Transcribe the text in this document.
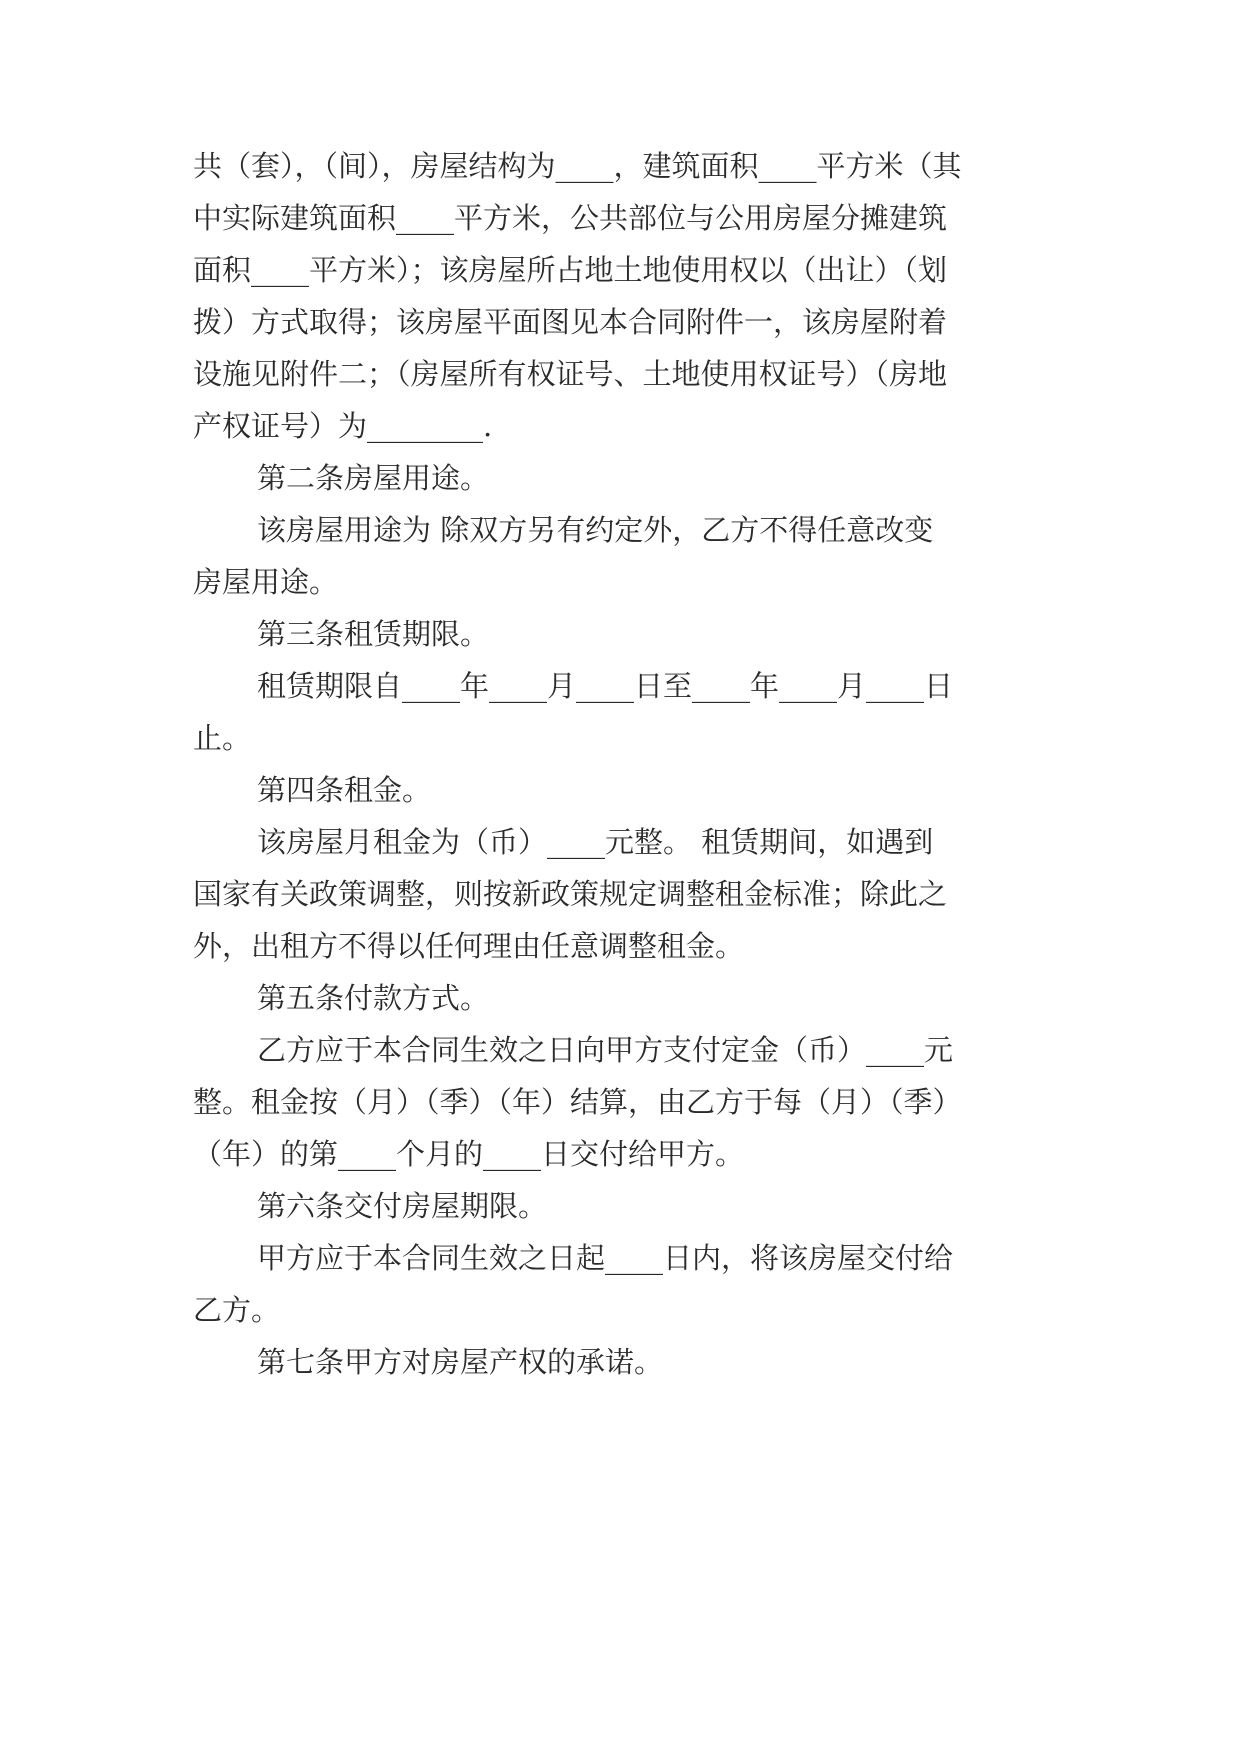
共（套），（间），房屋结构为____，建筑面积____平方米（其
中实际建筑面积____平方米，公共部位与公用房屋分摊建筑
面积____平方米）；该房屋所占地土地使用权以（出让）（划
拨）方式取得；该房屋平面图见本合同附件一，该房屋附着
设施见附件二；（房屋所有权证号、土地使用权证号）（房地
产权证号）为________.
第二条房屋用途。
该房屋用途为 除双方另有约定外，乙方不得任意改变
房屋用途。
第三条租赁期限。
租赁期限自____年____月____日至____年____月____日
止。
第四条租金。
该房屋月租金为（币）____元整。 租赁期间，如遇到
国家有关政策调整，则按新政策规定调整租金标准；除此之
外，出租方不得以任何理由任意调整租金。
第五条付款方式。
乙方应于本合同生效之日向甲方支付定金（币）____元
整。租金按（月）（季）（年）结算，由乙方于每（月）（季）
（年）的第____个月的____日交付给甲方。
第六条交付房屋期限。
甲方应于本合同生效之日起____日内，将该房屋交付给
乙方。
第七条甲方对房屋产权的承诺。
